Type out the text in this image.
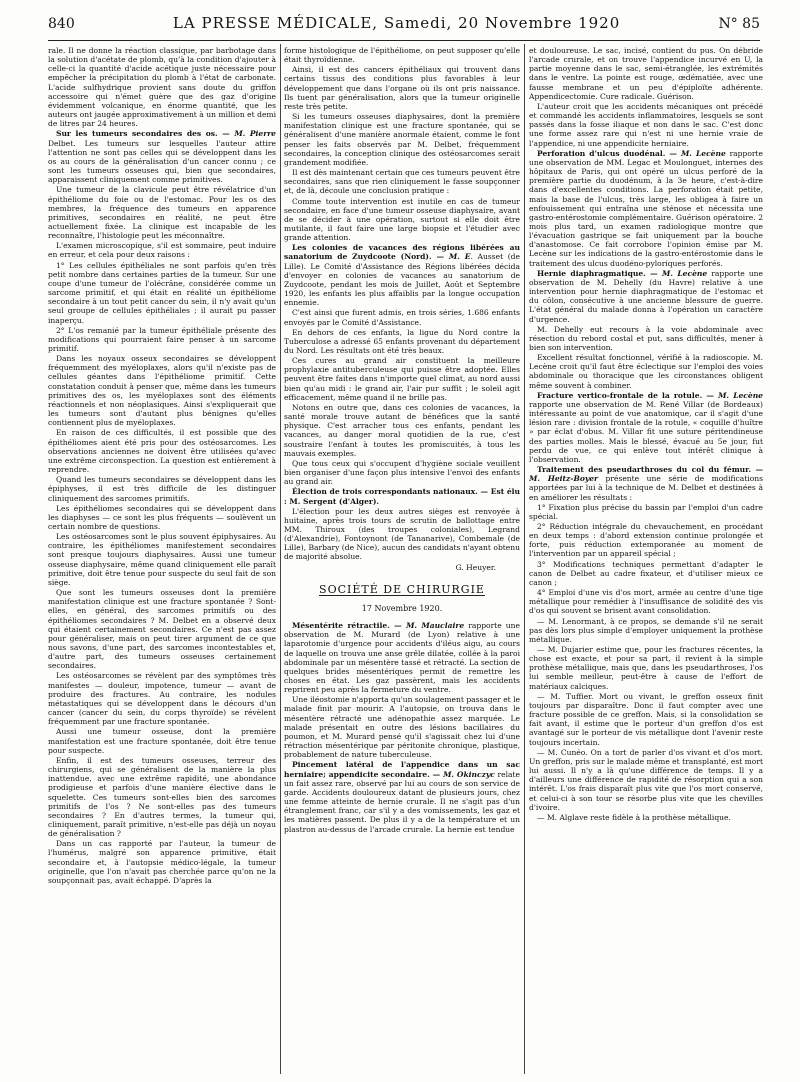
840	LA PRESSE MÉDICALE, Samedi, 20 Novembre 1920	N° 85

rale. Il ne donne la réaction classique, par barbotage dans la solution d'acétate de plomb, qu'à la condition d'ajouter à celle-ci la quantité d'acide acétique juste nécessaire pour empêcher la précipitation du plomb à l'état de carbonate. L'acide sulfhydrique provient sans doute du griffon accessoire qui n'émet guère que des gaz d'origine évidemment volcanique, en énorme quantité, que les auteurs ont jaugée approximativement à un million et demi de litres par 24 heures.

Sur les tumeurs secondaires des os. — M. Pierre Delbet. Les tumeurs sur lesquelles l'auteur attire l'attention ne sont pas celles qui se développent dans les os au cours de la généralisation d'un cancer connu ; ce sont les tumeurs osseuses qui, bien que secondaires, apparaissent cliniquement comme primitives.

Une tumeur de la clavicule peut être révélatrice d'un épithéliome du foie ou de l'estomac. Pour les os des membres, la fréquence des tumeurs en apparence primitives, secondaires en réalité, ne peut être actuellement fixée. La clinique est incapable de les reconnaître, l'histologie peut les méconnaître.

L'examen microscopique, s'il est sommaire, peut induire en erreur, et cela pour deux raisons :

1° Les cellules épithéliales ne sont parfois qu'en très petit nombre dans certaines parties de la tumeur. Sur une coupe d'une tumeur de l'olécrâne, considérée comme un sarcome primitif, et qui était en réalité un épithéliome secondaire à un tout petit cancer du sein, il n'y avait qu'un seul groupe de cellules épithéliales ; il aurait pu passer inaperçu.

2° L'os remanié par la tumeur épithéliale présente des modifications qui pourraient faire penser à un sarcome primitif.

Dans les noyaux osseux secondaires se développent fréquemment des myéloplaxes, alors qu'il n'existe pas de cellules géantes dans l'épithéliome primitif. Cette constatation conduit à penser que, même dans les tumeurs primitives des os, les myéloplaxes sont des éléments réactionnels et non néoplasiques. Ainsi s'expliquerait que les tumeurs sont d'autant plus bénignes qu'elles contiennent plus de myéloplaxes.

En raison de ces difficultés, il est possible que des épithéliomes aient été pris pour des ostéosarcomes. Les observations anciennes ne doivent être utilisées qu'avec une extrême circonspection. La question est entièrement à reprendre.

Quand les tumeurs secondaires se développent dans les épiphyses, il est très difficile de les distinguer cliniquement des sarcomes primitifs.

Les épithéliomes secondaires qui se développent dans les diaphyses — ce sont les plus fréquents — soulèvent un certain nombre de questions.

Les ostéosarcomes sont le plus souvent épiphysaires. Au contraire, les épithéliomes manifestement secondaires sont presque toujours diaphysaires. Aussi une tumeur osseuse diaphysaire, même quand cliniquement elle paraît primitive, doit être tenue pour suspecte du seul fait de son siège.

Que sont les tumeurs osseuses dont la première manifestation clinique est une fracture spontanée ? Sont-elles, en général, des sarcomes primitifs ou des épithéliomes secondaires ? M. Delbet en a observé deux qui étaient certainement secondaires. Ce n'est pas assez pour généraliser, mais on peut tirer argument de ce que nous savons, d'une part, des sarcomes incontestables et, d'autre part, des tumeurs osseuses certainement secondaires.

Les ostéosarcomes se révèlent par des symptômes très manifestes — douleur, impotence, tumeur — avant de produire des fractures. Au contraire, les nodules métastatiques qui se développent dans le décours d'un cancer (cancer du sein, du corps thyroïde) se révèlent fréquemment par une fracture spontanée.

Aussi une tumeur osseuse, dont la première manifestation est une fracture spontanée, doit être tenue pour suspecte.

Enfin, il est des tumeurs osseuses, terreur des chirurgiens, qui se généralisent de la manière la plus inattendue, avec une extrême rapidité, une abondance prodigieuse et parfois d'une manière élective dans le squelette. Ces tumeurs sont-elles bien des sarcomes primitifs de l'os ? Ne sont-elles pas des tumeurs secondaires ? En d'autres termes, la tumeur qui, cliniquement, paraît primitive, n'est-elle pas déjà un noyau de généralisation ?

Dans un cas rapporté par l'auteur, la tumeur de l'humérus, malgré son apparence primitive, était secondaire et, à l'autopsie médico-légale, la tumeur originelle, que l'on n'avait pas cherchée parce qu'on ne la soupçonnait pas, avait échappé. D'après la

forme histologique de l'épithéliome, on peut supposer qu'elle était thyroïdienne.

Ainsi, il est des cancers épithéliaux qui trouvent dans certains tissus des conditions plus favorables à leur développement que dans l'organe où ils ont pris naissance. Ils tuent par généralisation, alors que la tumeur originelle reste très petite.

Si les tumeurs osseuses diaphysaires, dont la première manifestation clinique est une fracture spontanée, qui se généralisent d'une manière anormale étaient, comme le font penser les faits observés par M. Delbet, fréquemment secondaires, la conception clinique des ostéosarcomes serait grandement modifiée.

Il est dès maintenant certain que ces tumeurs peuvent être secondaires, sans que rien cliniquement le fasse soupçonner et, de là, découle une conclusion pratique :

Comme toute intervention est inutile en cas de tumeur secondaire, en face d'une tumeur osseuse diaphysaire, avant de se décider à une opération, surtout si elle doit être mutilante, il faut faire une large biopsie et l'étudier avec grande attention.

Les colonies de vacances des régions libérées au sanatorium de Zuydcoote (Nord). — M. E. Ausset (de Lille). Le Comité d'Assistance des Régions libérées décida d'envoyer en colonies de vacances au sanatorium de Zuydcoote, pendant les mois de Juillet, Août et Septembre 1920, les enfants les plus affaiblis par la longue occupation ennemie.

C'est ainsi que furent admis, en trois séries, 1.686 enfants envoyés par le Comité d'Assistance.

En dehors de ces enfants, la ligue du Nord contre la Tuberculose a adressé 65 enfants provenant du département du Nord. Les résultats ont été très beaux.

Ces cures au grand air constituent la meilleure prophylaxie antituberculeuse qui puisse être adoptée. Elles peuvent être faites dans n'importe quel climat, au nord aussi bien qu'au midi : le grand air, l'air pur suffit ; le soleil agit efficacement, même quand il ne brille pas.

Notons en outre que, dans ces colonies de vacances, la santé morale trouve autant de bénéfices que la santé physique. C'est arracher tous ces enfants, pendant les vacances, au danger moral quotidien de la rue, c'est soustraire l'enfant à toutes les promiscuités, à tous les mauvais exemples.

Que tous ceux qui s'occupent d'hygiène sociale veuillent bien organiser d'une façon plus intensive l'envoi des enfants au grand air.

Élection de trois correspondants nationaux. — Est élu : M. Sergent (d'Alger).

L'élection pour les deux autres sièges est renvoyée à huitaine, après trois tours de scrutin de ballottage entre MM. Thiroux (des troupes coloniales), Legrand (d'Alexandrie), Fontoynont (de Tananarive), Combemale (de Lille), Barbary (de Nice), aucun des candidats n'ayant obtenu de majorité absolue.

G. Heuyer.

SOCIÉTÉ DE CHIRURGIE

17 Novembre 1920.

Mésentérite rétractile. — M. Mauclaire rapporte une observation de M. Murard (de Lyon) relative à une laparotomie d'urgence pour accidents d'iléus aigu, au cours de laquelle on trouva une anse grêle dilatée, collée à la paroi abdominale par un mésentère tassé et rétracté. La section de quelques brides mésentériques permit de remettre les choses en état. Les gaz passèrent, mais les accidents reprirent peu après la fermeture du ventre.

Une iléostomie n'apporta qu'un soulagement passager et le malade finit par mourir. A l'autopsie, on trouva dans le mésentère rétracté une adénopathie assez marquée. Le malade présentait en outre des lésions bacillaires du poumon, et M. Murard pensé qu'il s'agissait chez lui d'une rétraction mésentérique par péritonite chronique, plastique, probablement de nature tuberculeuse.

Pincement latéral de l'appendice dans un sac herniaire; appendicite secondaire. — M. Okinczyc relate un fait assez rare, observé par lui au cours de son service de garde. Accidents douloureux datant de plusieurs jours, chez une femme atteinte de hernie crurale. Il ne s'agit pas d'un étranglement franc, car s'il y a des vomissements, les gaz et les matières passent. De plus il y a de la température et un plastron au-dessus de l'arcade crurale. La hernie est tendue

et douloureuse. Le sac, incisé, contient du pus. On débride l'arcade crurale, et on trouve l'appendice incurvé en U, la partie moyenne dans le sac, semi-étranglée, les extrémités dans le ventre. La pointe est rouge, œdématiée, avec une fausse membrane et un peu d'épiploïte adhérente. Appendicectomie. Cure radicale. Guérison.

L'auteur croit que les accidents mécaniques ont précédé et commandé les accidents inflammatoires, lesquels se sont passés dans la fosse iliaque et non dans le sac. C'est donc une forme assez rare qui n'est ni une hernie vraie de l'appendice, ni une appendicite herniaire.

Perforation d'ulcus duodénal. — M. Lecène rapporte une observation de MM. Legac et Moulonguet, internes des hôpitaux de Paris, qui ont opéré un ulcus perforé de la première partie du duodénum, à la 3e heure, c'est-à-dire dans d'excellentes conditions. La perforation était petite, mais la base de l'ulcus, très large, les obligea à faire un enfouissement qui entraîna une sténose et nécessita une gastro-entérostomie complémentaire. Guérison opératoire. 2 mois plus tard, un examen radiologique montre que l'évacuation gastrique se fait uniquement par la bouche d'anastomose. Ce fait corrobore l'opinion émise par M. Lecène sur les indications de la gastro-entérostomie dans le traitement des ulcus duodéno-pyloriques perforés.

Hernie diaphragmatique. — M. Lecène rapporte une observation de M. Dehelly (du Havre) relative à une intervention pour hernie diaphragmatique de l'estomac et du côlon, consécutive à une ancienne blessure de guerre. L'état général du malade donna à l'opération un caractère d'urgence.

M. Dehelly eut recours à la voie abdominale avec résection du rebord costal et put, sans difficultés, mener à bien son intervention.

Excellent résultat fonctionnel, vérifié à la radioscopie. M. Lecène croit qu'il faut être éclectique sur l'emploi des voies abdominale ou thoracique que les circonstances obligent même souvent à combiner.

Fracture vertico-frontale de la rotule. — M. Lecène rapporte une observation de M. René Villar (de Bordeaux) intéressante au point de vue anatomique, car il s'agit d'une lésion rare : division frontale de la rotule, « coquille d'huître » par éclat d'obus. M. Villar fit une suture péritendineuse des parties molles. Mais le blessé, évacué au 5e jour, fut perdu de vue, ce qui enlève tout intérêt clinique à l'observation.

Traitement des pseudarthroses du col du fémur. — M. Heitz-Boyer présente une série de modifications apportées par lui à la technique de M. Delbet et destinées à en améliorer les résultats :

1° Fixation plus précise du bassin par l'emploi d'un cadre spécial.

2° Réduction intégrale du chevauchement, en procédant en deux temps : d'abord extension continue prolongée et forte, puis réduction extemporanée au moment de l'intervention par un appareil spécial ;

3° Modifications techniques permettant d'adapter le canon de Delbet au cadre fixateur, et d'utiliser mieux ce canon ;

4° Emploi d'une vis d'os mort, armée au centre d'une tige métallique pour remédier à l'insuffisance de solidité des vis d'os qui souvent se brisent avant consolidation.

— M. Lenormant, à ce propos, se demande s'il ne serait pas dès lors plus simple d'employer uniquement la prothèse métallique.

— M. Dujarier estime que, pour les fractures récentes, la chose est exacte, et pour sa part, il revient à la simple prothèse métallique, mais que, dans les pseudarthroses, l'os lui semble meilleur, peut-être à cause de l'effort de matériaux calciques.

— M. Tuffier. Mort ou vivant, le greffon osseux finit toujours par disparaître. Donc il faut compter avec une fracture possible de ce greffon. Mais, si la consolidation se fait avant, il estime que le porteur d'un greffon d'os est avantagé sur le porteur de vis métallique dont l'avenir reste toujours incertain.

— M. Cunéo. On a tort de parler d'os vivant et d'os mort. Un greffon, pris sur le malade même et transplanté, est mort lui aussi. Il n'y a là qu'une différence de temps. Il y a d'ailleurs une différence de rapidité de résorption qui a son intérêt. L'os frais disparaît plus vite que l'os mort conservé, et celui-ci à son tour se résorbe plus vite que les chevilles d'ivoire.

— M. Alglave reste fidèle à la prothèse métallique.
